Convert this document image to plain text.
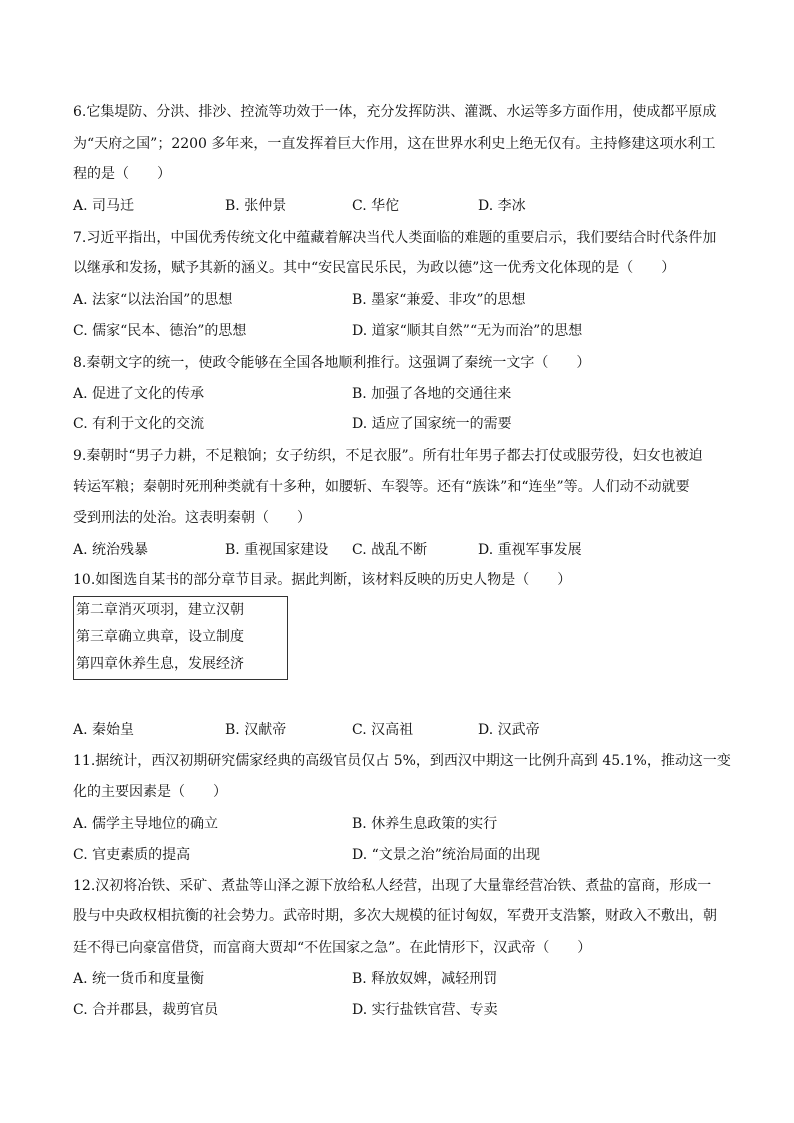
6.它集堤防、分洪、排沙、控流等功效于一体，充分发挥防洪、灌溉、水运等多方面作用，使成都平原成
为“天府之国”；2200 多年来，一直发挥着巨大作用，这在世界水利史上绝无仅有。主持修建这项水利工
程的是（　　）
A. 司马迁	B. 张仲景	C. 华佗	D. 李冰
7.习近平指出，中国优秀传统文化中蕴藏着解决当代人类面临的难题的重要启示，我们要结合时代条件加
以继承和发扬，赋予其新的涵义。其中“安民富民乐民，为政以德”这一优秀文化体现的是（　　）
A. 法家“以法治国”的思想	B. 墨家“兼爱、非攻”的思想
C. 儒家“民本、德治”的思想	D. 道家“顺其自然”“无为而治”的思想
8.秦朝文字的统一，使政令能够在全国各地顺利推行。这强调了秦统一文字（　　）
A. 促进了文化的传承	B. 加强了各地的交通往来
C. 有利于文化的交流	D. 适应了国家统一的需要
9.秦朝时“男子力耕，不足粮饷；女子纺织，不足衣服”。所有壮年男子都去打仗或服劳役，妇女也被迫
转运军粮；秦朝时死刑种类就有十多种，如腰斩、车裂等。还有“族诛”和“连坐”等。人们动不动就要
受到刑法的处治。这表明秦朝（　　）
A. 统治残暴	B. 重视国家建设 C. 战乱不断	D. 重视军事发展
10.如图选自某书的部分章节目录。据此判断，该材料反映的历史人物是（　　）
第二章消灭项羽，建立汉朝
第三章确立典章，设立制度
第四章休养生息，发展经济
A. 秦始皇	B. 汉献帝	C. 汉高祖	D. 汉武帝
11.据统计，西汉初期研究儒家经典的高级官员仅占 5%，到西汉中期这一比例升高到 45.1%，推动这一变
化的主要因素是（　　）
A. 儒学主导地位的确立	B. 休养生息政策的实行
C. 官吏素质的提高	D. “文景之治”统治局面的出现
12.汉初将冶铁、采矿、煮盐等山泽之源下放给私人经营，出现了大量靠经营冶铁、煮盐的富商，形成一
股与中央政权相抗衡的社会势力。武帝时期，多次大规模的征讨匈奴，军费开支浩繁，财政入不敷出，朝
廷不得已向豪富借贷，而富商大贾却“不佐国家之急”。在此情形下，汉武帝（　　）
A. 统一货币和度量衡	B. 释放奴婢，减轻刑罚
C. 合并郡县，裁剪官员	D. 实行盐铁官营、专卖
